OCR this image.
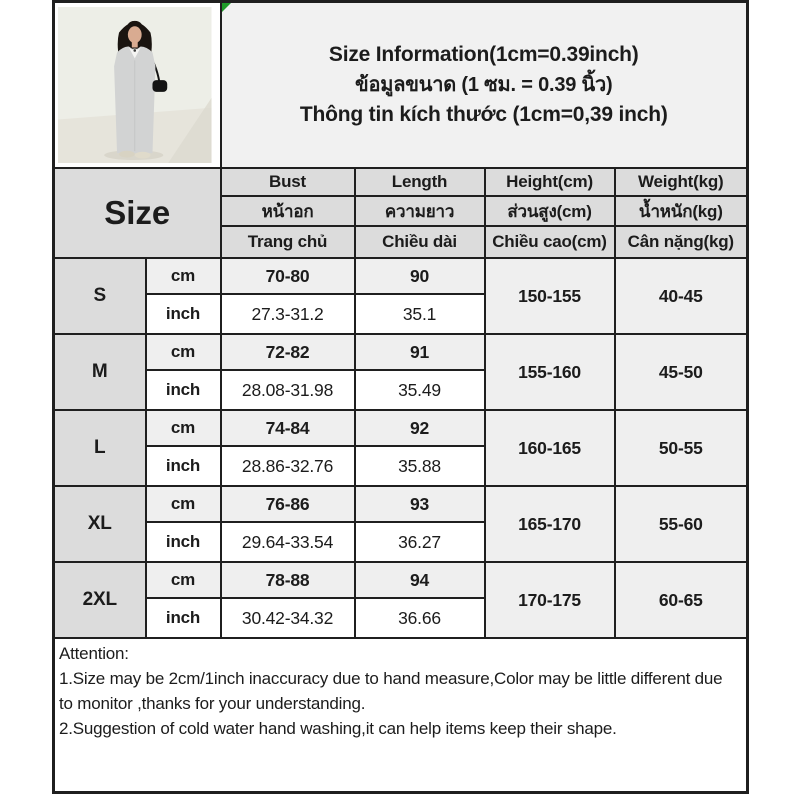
Size Information(1cm=0.39inch)
ข้อมูลขนาด (1 ซม. = 0.39 นิ้ว)
Thông tin kích thước (1cm=0,39 inch)			

Size		Bust	Length	Height(cm)	Weight(kg)
		หน้าอก	ความยาว	ส่วนสูง(cm)	น้ำหนัก(kg)
		Trang chủ	Chiều dài	Chiều cao(cm)	Cân nặng(kg)
S	cm	70-80	90	150-155	40-45
	inch	27.3-31.2	35.1		
M	cm	72-82	91	155-160	45-50
	inch	28.08-31.98	35.49		
L	cm	74-84	92	160-165	50-55
	inch	28.86-32.76	35.88		
XL	cm	76-86	93	165-170	55-60
	inch	29.64-33.54	36.27		
2XL	cm	78-88	94	170-175	60-65
	inch	30.42-34.32	36.66		

Attention:
1.Size may be 2cm/1inch inaccuracy due to hand measure,Color may be little different due to monitor ,thanks for your understanding.
2.Suggestion of cold water hand washing,it can help items keep their shape.					
